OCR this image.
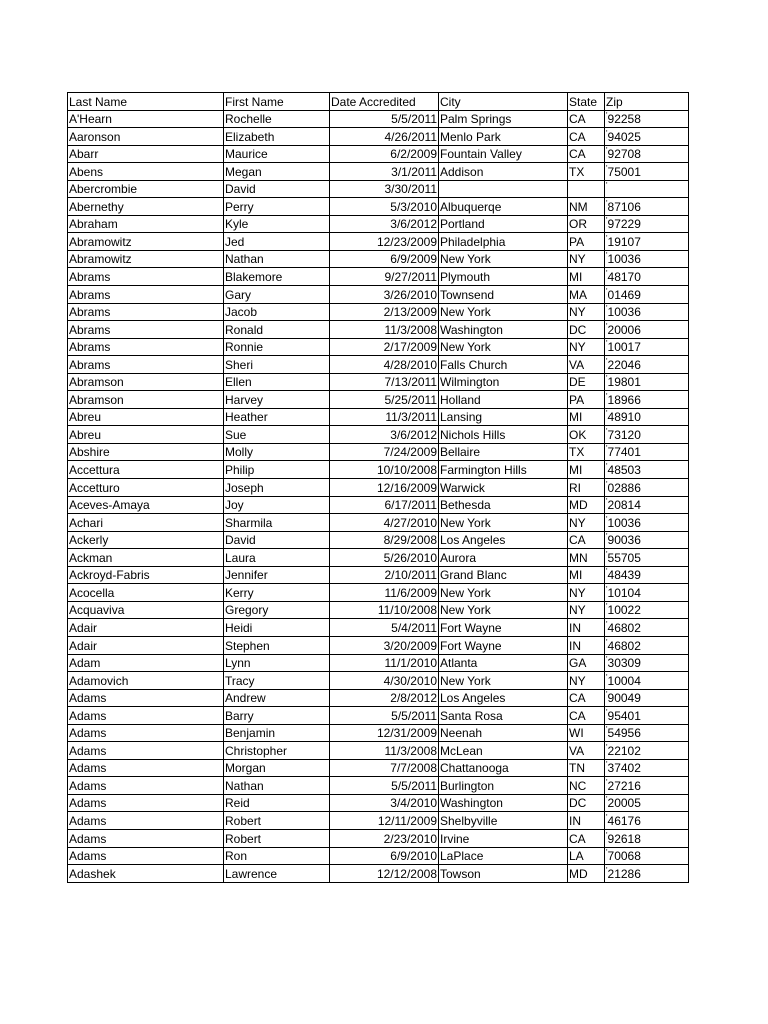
Last Name	First Name	Date Accredited	City	State	Zip
A'Hearn	Rochelle	5/5/2011	Palm Springs	CA	'92258
Aaronson	Elizabeth	4/26/2011	Menlo Park	CA	'94025
Abarr	Maurice	6/2/2009	Fountain Valley	CA	'92708
Abens	Megan	3/1/2011	Addison	TX	'75001
Abercrombie	David	3/30/2011			'
Abernethy	Perry	5/3/2010	Albuquerqe	NM	'87106
Abraham	Kyle	3/6/2012	Portland	OR	'97229
Abramowitz	Jed	12/23/2009	Philadelphia	PA	'19107
Abramowitz	Nathan	6/9/2009	New York	NY	'10036
Abrams	Blakemore	9/27/2011	Plymouth	MI	'48170
Abrams	Gary	3/26/2010	Townsend	MA	'01469
Abrams	Jacob	2/13/2009	New York	NY	'10036
Abrams	Ronald	11/3/2008	Washington	DC	'20006
Abrams	Ronnie	2/17/2009	New York	NY	'10017
Abrams	Sheri	4/28/2010	Falls Church	VA	'22046
Abramson	Ellen	7/13/2011	Wilmington	DE	'19801
Abramson	Harvey	5/25/2011	Holland	PA	'18966
Abreu	Heather	11/3/2011	Lansing	MI	'48910
Abreu	Sue	3/6/2012	Nichols Hills	OK	'73120
Abshire	Molly	7/24/2009	Bellaire	TX	'77401
Accettura	Philip	10/10/2008	Farmington Hills	MI	'48503
Accetturo	Joseph	12/16/2009	Warwick	RI	'02886
Aceves-Amaya	Joy	6/17/2011	Bethesda	MD	'20814
Achari	Sharmila	4/27/2010	New York	NY	'10036
Ackerly	David	8/29/2008	Los Angeles	CA	'90036
Ackman	Laura	5/26/2010	Aurora	MN	'55705
Ackroyd-Fabris	Jennifer	2/10/2011	Grand Blanc	MI	'48439
Acocella	Kerry	11/6/2009	New York	NY	'10104
Acquaviva	Gregory	11/10/2008	New York	NY	'10022
Adair	Heidi	5/4/2011	Fort Wayne	IN	'46802
Adair	Stephen	3/20/2009	Fort Wayne	IN	'46802
Adam	Lynn	11/1/2010	Atlanta	GA	'30309
Adamovich	Tracy	4/30/2010	New York	NY	'10004
Adams	Andrew	2/8/2012	Los Angeles	CA	'90049
Adams	Barry	5/5/2011	Santa Rosa	CA	'95401
Adams	Benjamin	12/31/2009	Neenah	WI	'54956
Adams	Christopher	11/3/2008	McLean	VA	'22102
Adams	Morgan	7/7/2008	Chattanooga	TN	'37402
Adams	Nathan	5/5/2011	Burlington	NC	'27216
Adams	Reid	3/4/2010	Washington	DC	'20005
Adams	Robert	12/11/2009	Shelbyville	IN	'46176
Adams	Robert	2/23/2010	Irvine	CA	'92618
Adams	Ron	6/9/2010	LaPlace	LA	'70068
Adashek	Lawrence	12/12/2008	Towson	MD	'21286
